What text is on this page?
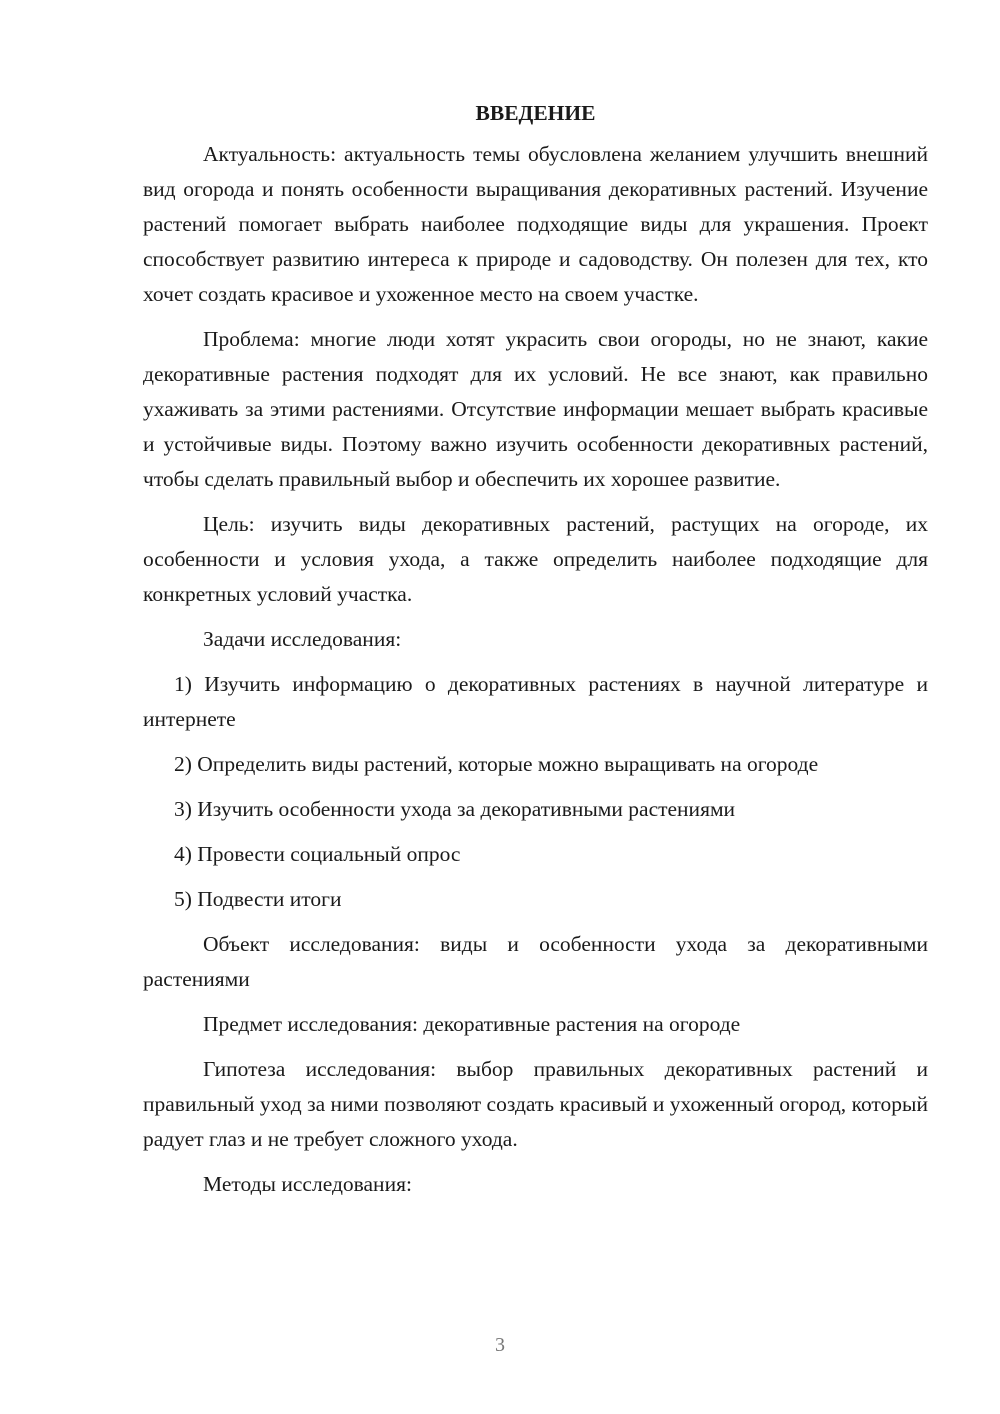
ВВЕДЕНИЕ

Актуальность: актуальность темы обусловлена желанием улучшить внешний вид огорода и понять особенности выращивания декоративных растений. Изучение растений помогает выбрать наиболее подходящие виды для украшения. Проект способствует развитию интереса к природе и садоводству. Он полезен для тех, кто хочет создать красивое и ухоженное место на своем участке.

Проблема: многие люди хотят украсить свои огороды, но не знают, какие декоративные растения подходят для их условий. Не все знают, как правильно ухаживать за этими растениями. Отсутствие информации мешает выбрать красивые и устойчивые виды. Поэтому важно изучить особенности декоративных растений, чтобы сделать правильный выбор и обеспечить их хорошее развитие.

Цель: изучить виды декоративных растений, растущих на огороде, их особенности и условия ухода, а также определить наиболее подходящие для конкретных условий участка.

Задачи исследования:

1) Изучить информацию о декоративных растениях в научной литературе и интернете

2) Определить виды растений, которые можно выращивать на огороде

3) Изучить особенности ухода за декоративными растениями

4) Провести социальный опрос

5) Подвести итоги

Объект исследования: виды и особенности ухода за декоративными растениями

Предмет исследования: декоративные растения на огороде

Гипотеза исследования: выбор правильных декоративных растений и правильный уход за ними позволяют создать красивый и ухоженный огород, который радует глаз и не требует сложного ухода.

Методы исследования:

3
